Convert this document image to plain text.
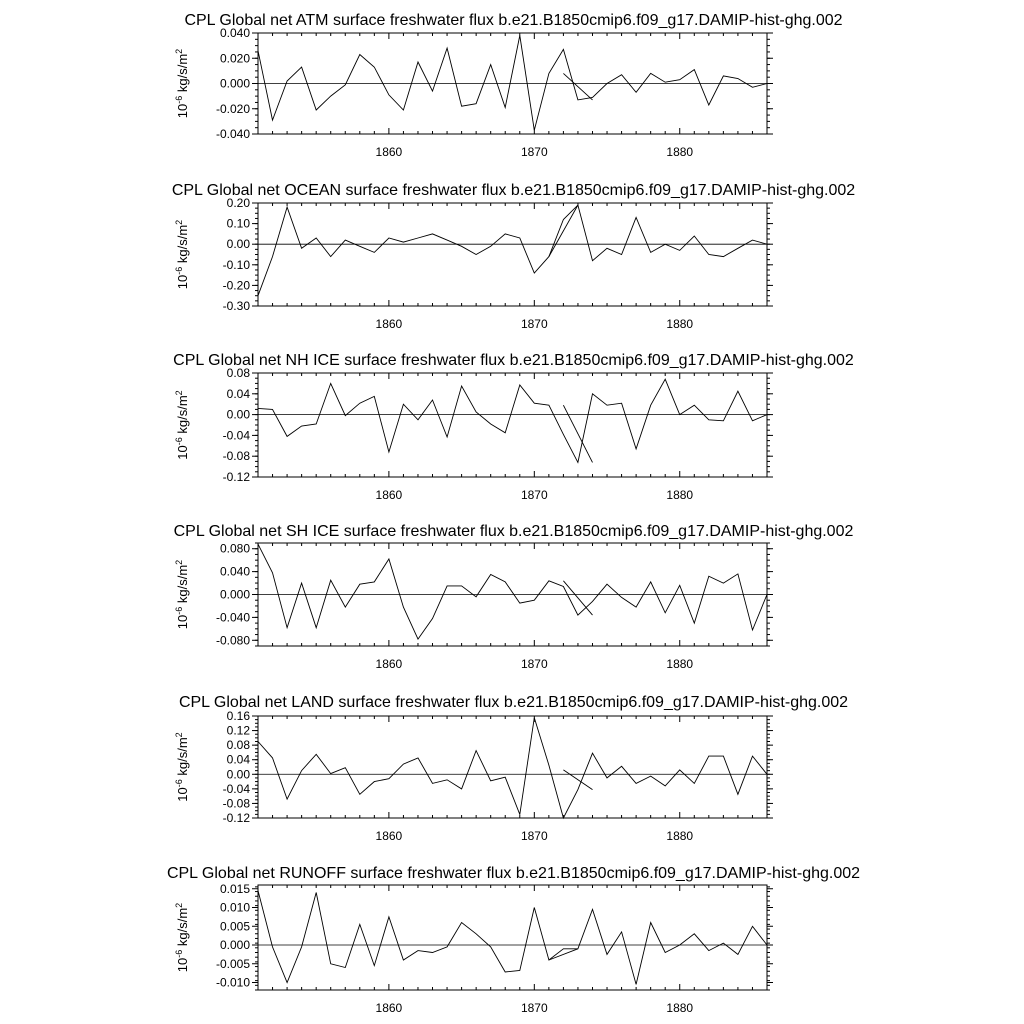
CPL Global net ATM surface freshwater flux b.e21.B1850cmip6.f09_g17.DAMIP-hist-ghg.002
1860	1870	1880
0.040
0.020
0.000
-0.020
-0.040
$10^{-6}$ $kg/s/m^2$
CPL Global net OCEAN surface freshwater flux b.e21.B1850cmip6.f09_g17.DAMIP-hist-ghg.002
1860	1870	1880
0.20
0.10
0.00
-0.10
-0.20
-0.30
$10^{-6}$ $kg/s/m^2$
CPL Global net NH ICE surface freshwater flux b.e21.B1850cmip6.f09_g17.DAMIP-hist-ghg.002
1860	1870	1880
0.08
0.04
0.00
-0.04
-0.08
-0.12
$10^{-6}$ $kg/s/m^2$
CPL Global net SH ICE surface freshwater flux b.e21.B1850cmip6.f09_g17.DAMIP-hist-ghg.002
1860	1870	1880
0.080
0.040
0.000
-0.040
-0.080
$10^{-6}$ $kg/s/m^2$
CPL Global net LAND surface freshwater flux b.e21.B1850cmip6.f09_g17.DAMIP-hist-ghg.002
1860	1870	1880
0.16
0.12
0.08
0.04
0.00
-0.04
-0.08
-0.12
$10^{-6}$ $kg/s/m^2$
CPL Global net RUNOFF surface freshwater flux b.e21.B1850cmip6.f09_g17.DAMIP-hist-ghg.002
1860	1870	1880
0.015
0.010
0.005
0.000
-0.005
-0.010
$10^{-6}$ $kg/s/m^2$
